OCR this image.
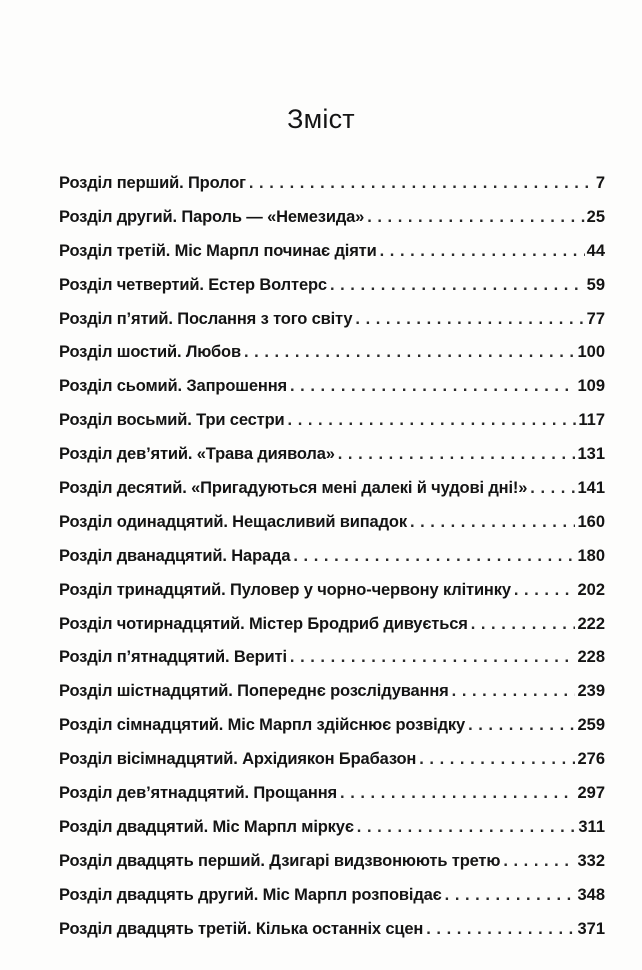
Зміст
Розділ перший. Пролог . . .	7
Розділ другий. Пароль — «Немезида» . . .	25
Розділ третій. Міс Марпл починає діяти . . .	44
Розділ четвертий. Естер Волтерс . . .	59
Розділ п’ятий. Послання з того світу . . .	77
Розділ шостий. Любов . . .	100
Розділ сьомий. Запрошення . . .	109
Розділ восьмий. Три сестри . . .	117
Розділ дев’ятий. «Трава диявола» . . .	131
Розділ десятий. «Пригадуються мені далекі й чудові дні!» . . .	141
Розділ одинадцятий. Нещасливий випадок . . .	160
Розділ дванадцятий. Нарада . . .	180
Розділ тринадцятий. Пуловер у чорно-червону клітинку . . .	202
Розділ чотирнадцятий. Містер Бродриб дивується . . .	222
Розділ п’ятнадцятий. Вериті . . .	228
Розділ шістнадцятий. Попереднє розслідування . . .	239
Розділ сімнадцятий. Міс Марпл здійснює розвідку . . .	259
Розділ вісімнадцятий. Архідиякон Брабазон . . .	276
Розділ дев’ятнадцятий. Прощання . . .	297
Розділ двадцятий. Міс Марпл міркує . . .	311
Розділ двадцять перший. Дзигарі видзвонюють третю . . .	332
Розділ двадцять другий. Міс Марпл розповідає . . .	348
Розділ двадцять третій. Кілька останніх сцен . . .	371
